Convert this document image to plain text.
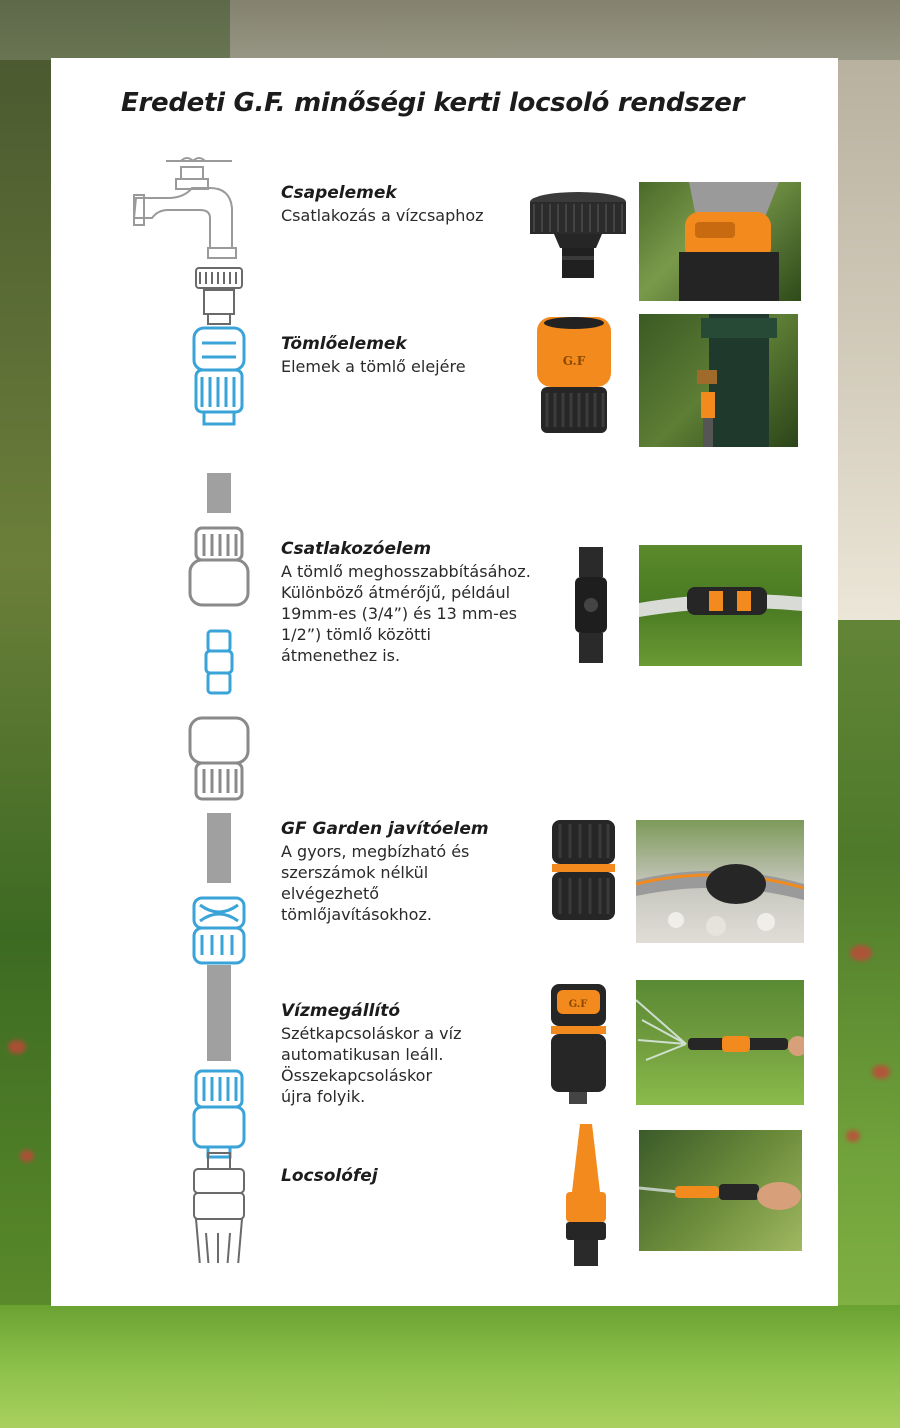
Eredeti G.F. minőségi kerti locsoló rendszer

Csapelemek

Csatlakozás a vízcsaphoz

Tömlőelemek

Elemek a tömlő elejére

Csatlakozóelem

A tömlő meghosszabbításához.
Különböző átmérőjű, például
19mm-es (3/4”) és 13 mm-es
1/2”) tömlő közötti
átmenethez is.

GF Garden javítóelem

A gyors, megbízható és
szerszámok nélkül
elvégezhető
tömlőjavításokhoz.

Vízmegállító

Szétkapcsoláskor a víz
automatikusan leáll.
Összekapcsoláskor
újra folyik.

Locsolófej

G.F
G.F
